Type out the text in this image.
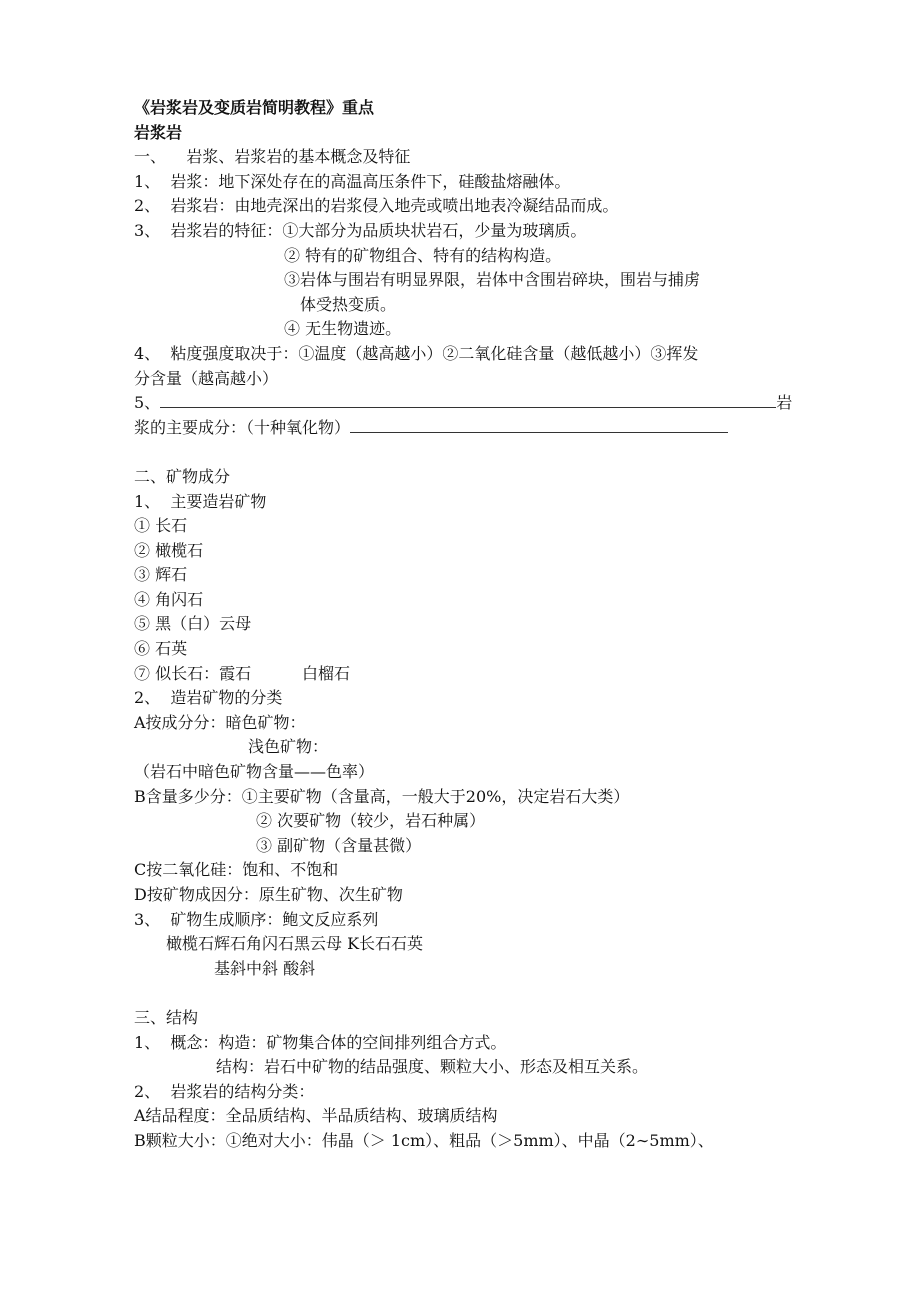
《岩浆岩及变质岩简明教程》重点
岩浆岩
一、    岩浆、岩浆岩的基本概念及特征
1、  岩浆：地下深处存在的高温高压条件下，硅酸盐熔融体。
2、  岩浆岩：由地壳深出的岩浆侵入地壳或喷出地表冷凝结品而成。
3、  岩浆岩的特征：①大部分为品质块状岩石，少量为玻璃质。
② 特有的矿物组合、特有的结构构造。
③岩体与围岩有明显界限，岩体中含围岩碎块，围岩与捕虏
体受热变质。
④ 无生物遗迹。
4、  粘度强度取决于：①温度（越高越小）②二氧化硅含量（越低越小）③挥发
分含量（越高越小）
5、	岩
浆的主要成分：（十种氧化物）
二、矿物成分
1、  主要造岩矿物
① 长石
② 橄榄石
③ 辉石
④ 角闪石
⑤ 黑（白）云母
⑥ 石英
⑦ 似长石：霞石          白榴石
2、  造岩矿物的分类
A按成分分：暗色矿物：
浅色矿物：
（岩石中暗色矿物含量——色率）
B含量多少分：①主要矿物（含量高，一般大于20%，决定岩石大类）
② 次要矿物（较少，岩石种属）
③ 副矿物（含量甚微）
C按二氧化硅：饱和、不饱和
D按矿物成因分：原生矿物、次生矿物
3、  矿物生成顺序：鲍文反应系列
橄榄石辉石角闪石黑云母 K长石石英
基斜中斜 酸斜
三、结构
1、  概念：构造：矿物集合体的空间排列组合方式。
结构：岩石中矿物的结品强度、颗粒大小、形态及相互关系。
2、  岩浆岩的结构分类：
A结品程度：全品质结构、半品质结构、玻璃质结构
B颗粒大小：①绝对大小：伟晶（＞ 1cm）、粗品（＞5mm）、中晶（2∼5mm）、
